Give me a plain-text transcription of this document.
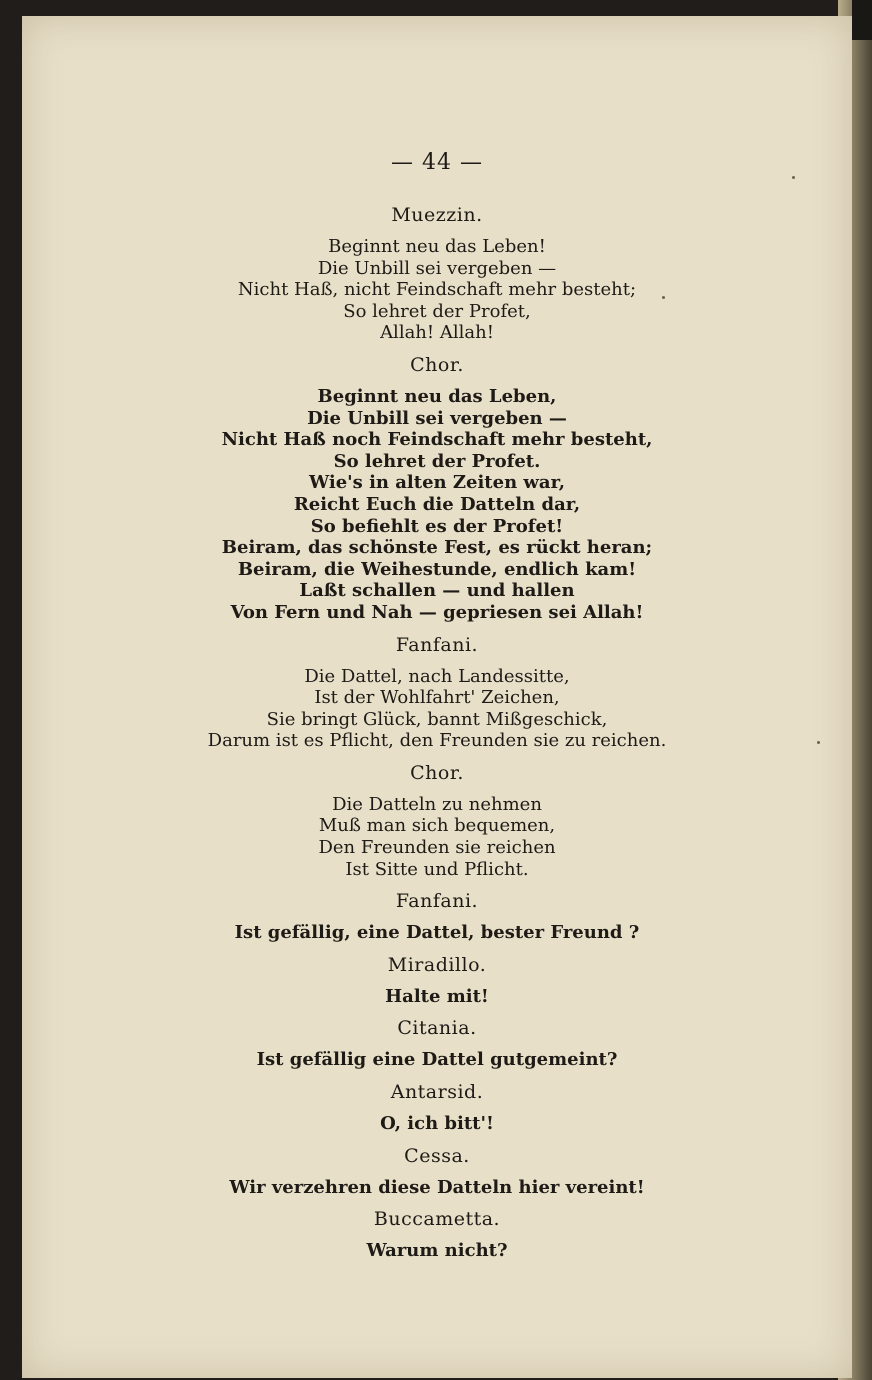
— 44 —
Muezzin.
Beginnt neu das Leben!
Die Unbill sei vergeben —
Nicht Haß, nicht Feindschaft mehr besteht;
So lehret der Profet,
Allah! Allah!
Chor.
Beginnt neu das Leben,
Die Unbill sei vergeben —
Nicht Haß noch Feindschaft mehr besteht,
So lehret der Profet.
Wie's in alten Zeiten war,
Reicht Euch die Datteln dar,
So befiehlt es der Profet!
Beiram, das schönste Fest, es rückt heran;
Beiram, die Weihestunde, endlich kam!
Laßt schallen — und hallen
Von Fern und Nah — gepriesen sei Allah!
Fanfani.
Die Dattel, nach Landessitte,
Ist der Wohlfahrt' Zeichen,
Sie bringt Glück, bannt Mißgeschick,
Darum ist es Pflicht, den Freunden sie zu reichen.
Chor.
Die Datteln zu nehmen
Muß man sich bequemen,
Den Freunden sie reichen
Ist Sitte und Pflicht.
Fanfani.
Ist gefällig, eine Dattel, bester Freund ?
Miradillo.
Halte mit!
Citania.
Ist gefällig eine Dattel gutgemeint?
Antarsid.
O, ich bitt'!
Cessa.
Wir verzehren diese Datteln hier vereint!
Buccametta.
Warum nicht?
